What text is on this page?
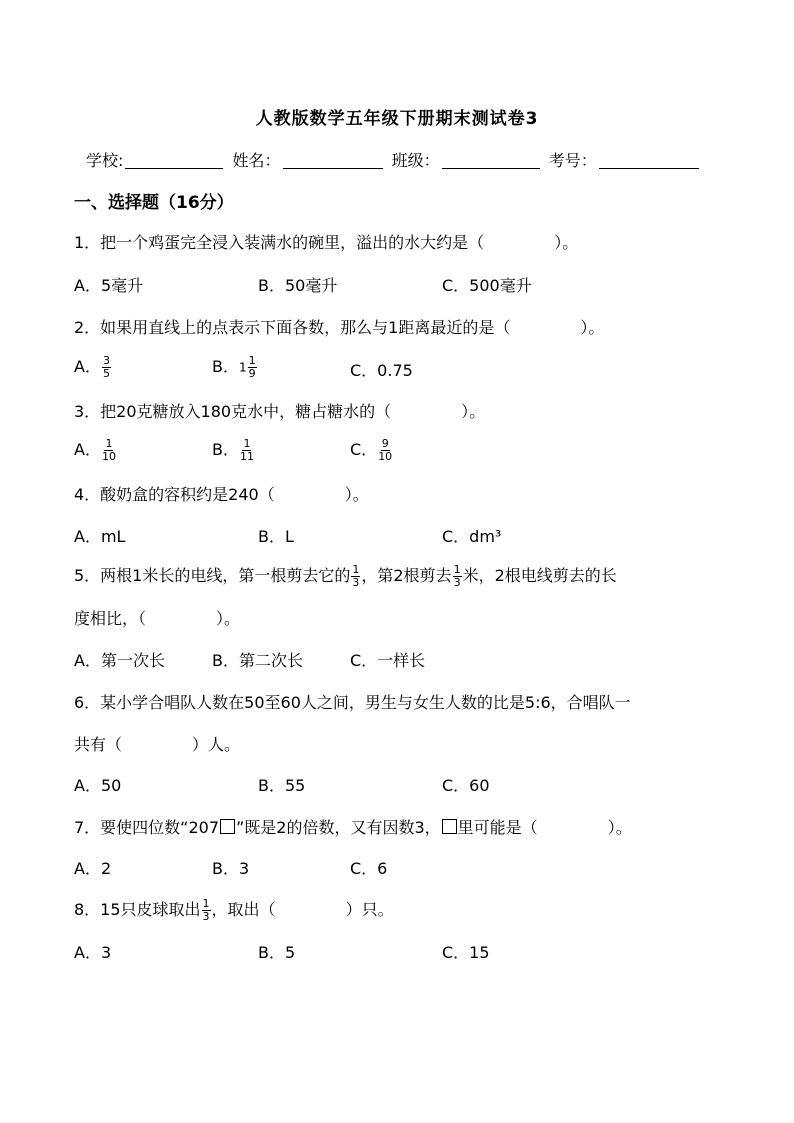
人教版数学五年级下册期末测试卷3
学校:	姓名：	班级：	考号：
一、选择题（16分）
1．把一个鸡蛋完全浸入装满水的碗里，溢出的水大约是（	）。
A．5毫升	B．50毫升	C．500毫升
2．如果用直线上的点表示下面各数，那么与1距离最近的是（	）。
A． $\frac{3}{5}$	B．$1 \frac{1}{9}$	C．0.75
3．把20克糖放入180克水中，糖占糖水的（	）。
A． $\frac{1}{10}$	B． $\frac{1}{11}$	C． $\frac{9}{10}$
4．酸奶盒的容积约是240（	）。
A．mL	B．L	C．dm³
5．两根1米长的电线，第一根剪去它的 $\frac{1}{3}$ ，第2根剪去 $\frac{1}{3}$ 米，2根电线剪去的长
度相比，（	）。
A．第一次长	B．第二次长	C．一样长
6．某小学合唱队人数在50至60人之间，男生与女生人数的比是5:6，合唱队一
共有（	）人。
A．50	B．55	C．60
7．要使四位数“207 ”既是2的倍数，又有因数3， 里可能是（	）。
A．2	B．3	C．6
8．15只皮球取出 $\frac{1}{3}$ ，取出（	）只。
A．3	B．5	C．15
